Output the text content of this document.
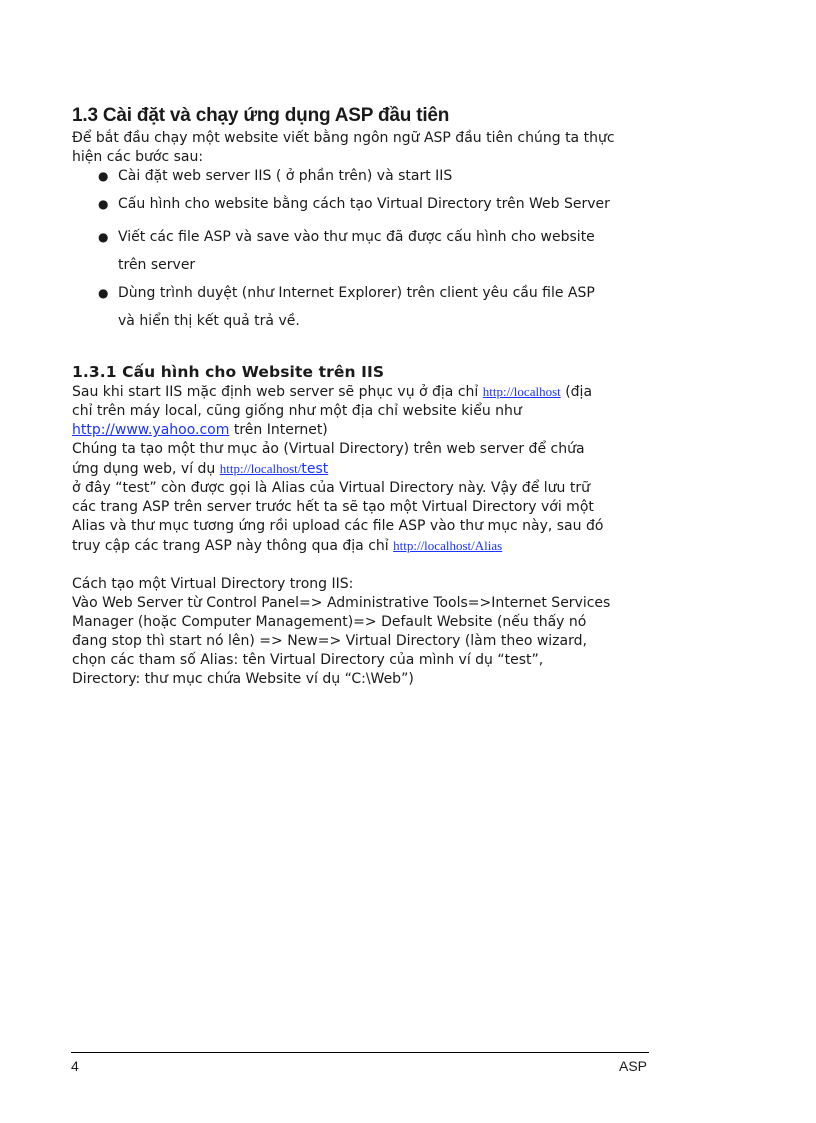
1.3 Cài đặt và chạy ứng dụng ASP đầu tiên

Để bắt đầu chạy một website viết bằng ngôn ngữ ASP đầu tiên chúng ta thực

hiện các bước sau:

● Cài đặt web server IIS ( ở phần trên) và start IIS
● Cấu hình cho website bằng cách tạo Virtual Directory trên Web Server
● Viết các file ASP và save vào thư mục đã được cấu hình cho website
trên server
● Dùng trình duyệt (như Internet Explorer) trên client yêu cầu file ASP
và hiển thị kết quả trả về.
1.3.1 Cấu hình cho Website trên IIS

Sau khi start IIS mặc định web server sẽ phục vụ ở địa chỉ http://localhost (địa
chỉ trên máy local, cũng giống như một địa chỉ website kiểu như
http://www.yahoo.com trên Internet)

Chúng ta tạo một thư mục ảo (Virtual Directory) trên web server để chứa
ứng dụng web, ví dụ http://localhost/test

ở đây “test” còn được gọi là Alias của Virtual Directory này. Vậy để lưu trữ
các trang ASP trên server trước hết ta sẽ tạo một Virtual Directory với một
Alias và thư mục tương ứng rồi upload các file ASP vào thư mục này, sau đó
truy cập các trang ASP này thông qua địa chỉ http://localhost/Alias

Cách tạo một Virtual Directory trong IIS:

Vào Web Server từ Control Panel=> Administrative Tools=>Internet Services
Manager (hoặc Computer Management)=> Default Website (nếu thấy nó
đang stop thì start nó lên) => New=> Virtual Directory (làm theo wizard,
chọn các tham số Alias: tên Virtual Directory của mình ví dụ “test”,
Directory: thư mục chứa Website ví dụ “C:\Web”)

4	ASP
